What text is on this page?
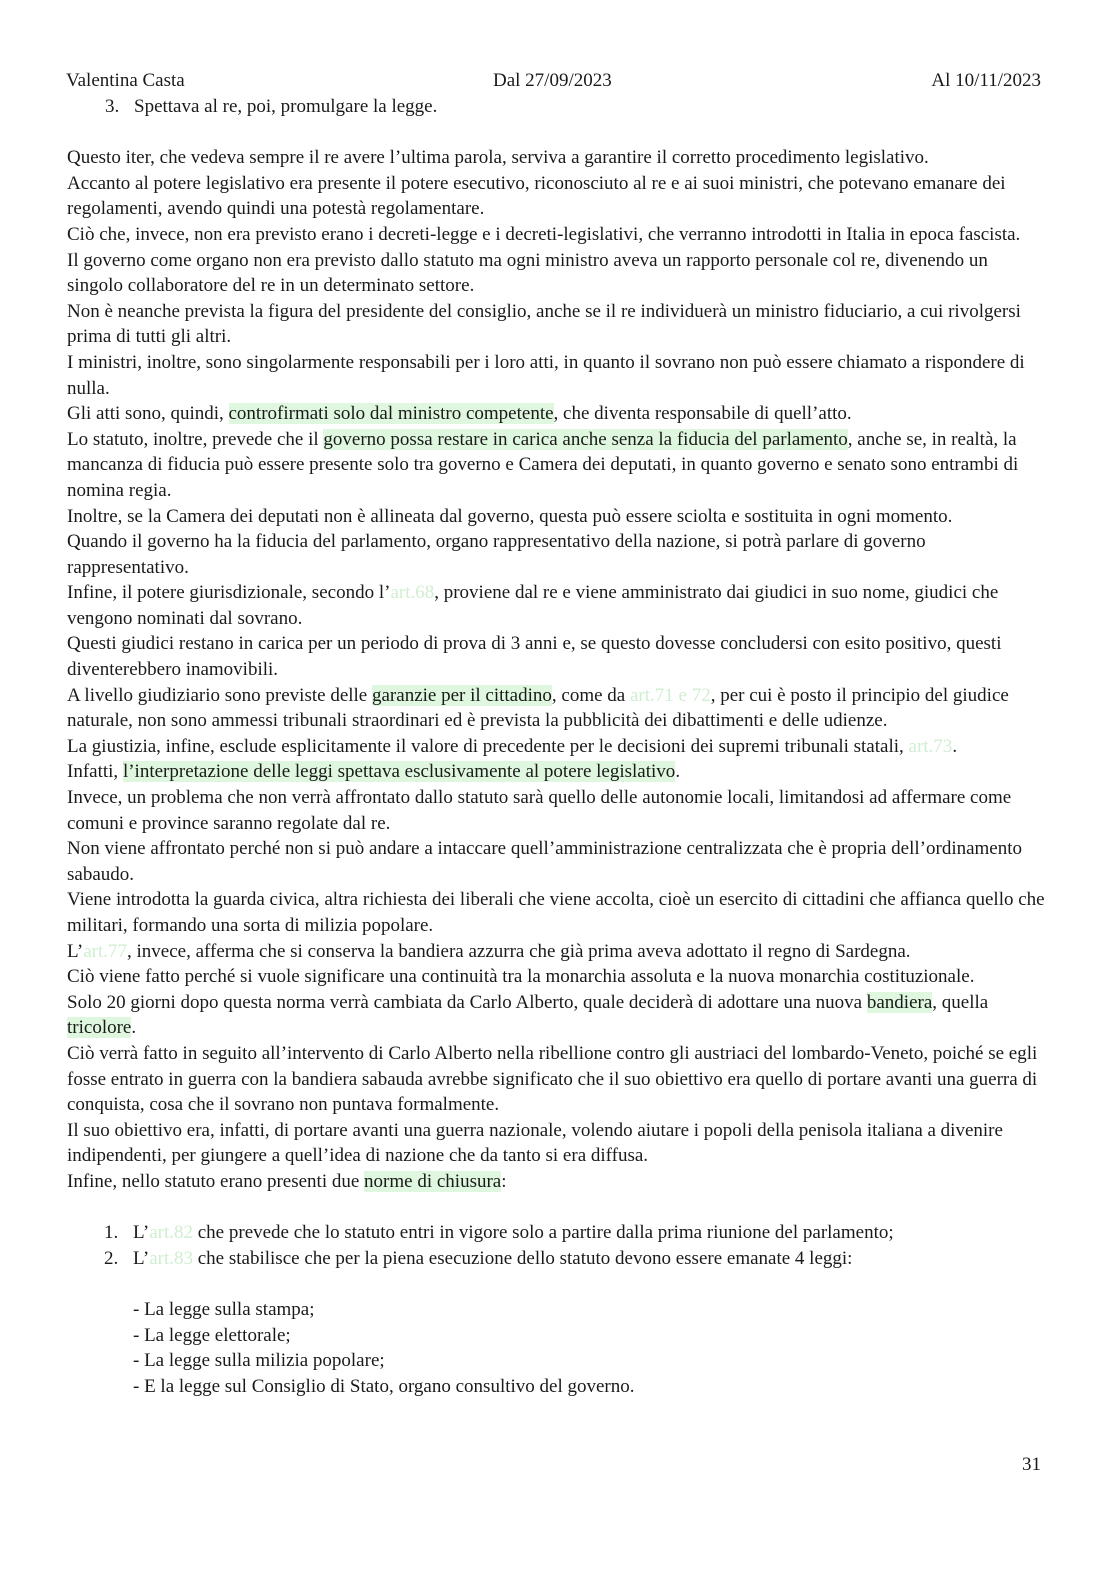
Valentina Casta	Dal 27/09/2023	Al 10/11/2023

3. Spettava al re, poi, promulgare la legge.

Questo iter, che vedeva sempre il re avere l’ultima parola, serviva a garantire il corretto procedimento legislativo.

Accanto al potere legislativo era presente il potere esecutivo, riconosciuto al re e ai suoi ministri, che potevano emanare dei regolamenti, avendo quindi una potestà regolamentare.

Ciò che, invece, non era previsto erano i decreti-legge e i decreti-legislativi, che verranno introdotti in Italia in epoca fascista.

Il governo come organo non era previsto dallo statuto ma ogni ministro aveva un rapporto personale col re, divenendo un singolo collaboratore del re in un determinato settore.

Non è neanche prevista la figura del presidente del consiglio, anche se il re individuerà un ministro fiduciario, a cui rivolgersi prima di tutti gli altri.

I ministri, inoltre, sono singolarmente responsabili per i loro atti, in quanto il sovrano non può essere chiamato a rispondere di nulla.

Gli atti sono, quindi, controfirmati solo dal ministro competente, che diventa responsabile di quell’atto.

Lo statuto, inoltre, prevede che il governo possa restare in carica anche senza la fiducia del parlamento, anche se, in realtà, la mancanza di fiducia può essere presente solo tra governo e Camera dei deputati, in quanto governo e senato sono entrambi di nomina regia.

Inoltre, se la Camera dei deputati non è allineata dal governo, questa può essere sciolta e sostituita in ogni momento.

Quando il governo ha la fiducia del parlamento, organo rappresentativo della nazione, si potrà parlare di governo rappresentativo.

Infine, il potere giurisdizionale, secondo l’art.68, proviene dal re e viene amministrato dai giudici in suo nome, giudici che vengono nominati dal sovrano.

Questi giudici restano in carica per un periodo di prova di 3 anni e, se questo dovesse concludersi con esito positivo, questi diventerebbero inamovibili.

A livello giudiziario sono previste delle garanzie per il cittadino, come da art.71 e 72, per cui è posto il principio del giudice naturale, non sono ammessi tribunali straordinari ed è prevista la pubblicità dei dibattimenti e delle udienze.

La giustizia, infine, esclude esplicitamente il valore di precedente per le decisioni dei supremi tribunali statali, art.73.

Infatti, l’interpretazione delle leggi spettava esclusivamente al potere legislativo.

Invece, un problema che non verrà affrontato dallo statuto sarà quello delle autonomie locali, limitandosi ad affermare come comuni e province saranno regolate dal re.

Non viene affrontato perché non si può andare a intaccare quell’amministrazione centralizzata che è propria dell’ordinamento sabaudo.

Viene introdotta la guarda civica, altra richiesta dei liberali che viene accolta, cioè un esercito di cittadini che affianca quello che militari, formando una sorta di milizia popolare.

L’art.77, invece, afferma che si conserva la bandiera azzurra che già prima aveva adottato il regno di Sardegna.

Ciò viene fatto perché si vuole significare una continuità tra la monarchia assoluta e la nuova monarchia costituzionale.

Solo 20 giorni dopo questa norma verrà cambiata da Carlo Alberto, quale deciderà di adottare una nuova bandiera, quella tricolore.

Ciò verrà fatto in seguito all’intervento di Carlo Alberto nella ribellione contro gli austriaci del lombardo-Veneto, poiché se egli fosse entrato in guerra con la bandiera sabauda avrebbe significato che il suo obiettivo era quello di portare avanti una guerra di conquista, cosa che il sovrano non puntava formalmente.

Il suo obiettivo era, infatti, di portare avanti una guerra nazionale, volendo aiutare i popoli della penisola italiana a divenire indipendenti, per giungere a quell’idea di nazione che da tanto si era diffusa.

Infine, nello statuto erano presenti due norme di chiusura:

1. L’art.82 che prevede che lo statuto entri in vigore solo a partire dalla prima riunione del parlamento;

2. L’art.83 che stabilisce che per la piena esecuzione dello statuto devono essere emanate 4 leggi:

- La legge sulla stampa;

- La legge elettorale;

- La legge sulla milizia popolare;

- E la legge sul Consiglio di Stato, organo consultivo del governo.

31
